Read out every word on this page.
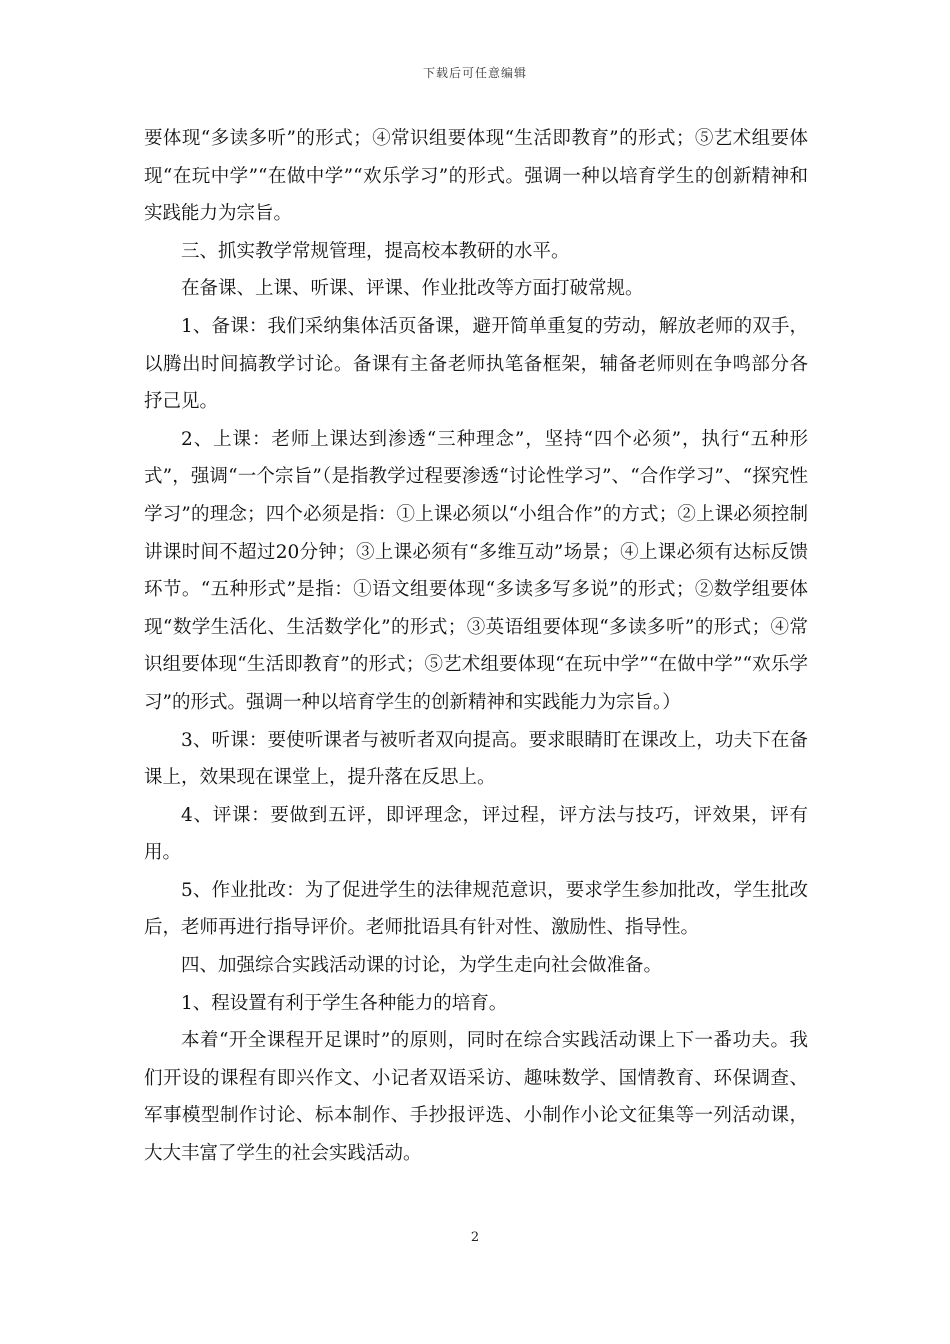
下载后可任意编辑

要体现“多读多听”的形式；④常识组要体现“生活即教育”的形式；⑤艺术组要体现“在玩中学”“在做中学”“欢乐学习”的形式。强调一种以培育学生的创新精神和实践能力为宗旨。

三、抓实教学常规管理，提高校本教研的水平。

在备课、上课、听课、评课、作业批改等方面打破常规。

1、备课：我们采纳集体活页备课，避开简单重复的劳动，解放老师的双手，以腾出时间搞教学讨论。备课有主备老师执笔备框架，辅备老师则在争鸣部分各抒己见。

2、上课：老师上课达到渗透“三种理念”，坚持“四个必须”，执行“五种形式”，强调“一个宗旨”（是指教学过程要渗透“讨论性学习”、“合作学习”、“探究性学习”的理念；四个必须是指：①上课必须以“小组合作”的方式；②上课必须控制讲课时间不超过20分钟；③上课必须有“多维互动”场景；④上课必须有达标反馈环节。“五种形式”是指：①语文组要体现“多读多写多说”的形式；②数学组要体现“数学生活化、生活数学化”的形式；③英语组要体现“多读多听”的形式；④常识组要体现“生活即教育”的形式；⑤艺术组要体现“在玩中学”“在做中学”“欢乐学习”的形式。强调一种以培育学生的创新精神和实践能力为宗旨。）

3、听课：要使听课者与被听者双向提高。要求眼睛盯在课改上，功夫下在备课上，效果现在课堂上，提升落在反思上。

4、评课：要做到五评，即评理念，评过程，评方法与技巧，评效果，评有用。

5、作业批改：为了促进学生的法律规范意识，要求学生参加批改，学生批改后，老师再进行指导评价。老师批语具有针对性、激励性、指导性。

四、加强综合实践活动课的讨论，为学生走向社会做准备。

1、程设置有利于学生各种能力的培育。

本着“开全课程开足课时”的原则，同时在综合实践活动课上下一番功夫。我们开设的课程有即兴作文、小记者双语采访、趣味数学、国情教育、环保调查、军事模型制作讨论、标本制作、手抄报评选、小制作小论文征集等一列活动课，大大丰富了学生的社会实践活动。

2
